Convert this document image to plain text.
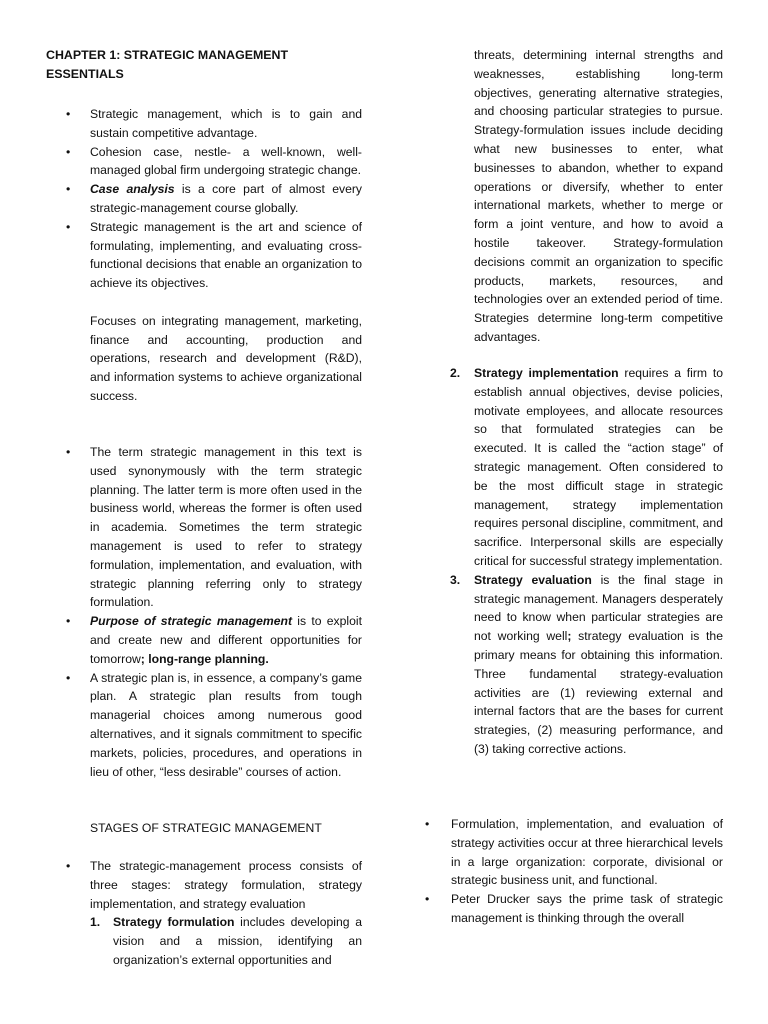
CHAPTER 1: STRATEGIC MANAGEMENT ESSENTIALS

• Strategic management, which is to gain and sustain competitive advantage.
• Cohesion case, nestle- a well-known, well-managed global firm undergoing strategic change.
• Case analysis is a core part of almost every strategic-management course globally.
• Strategic management is the art and science of formulating, implementing, and evaluating cross-functional decisions that enable an organization to achieve its objectives.

Focuses on integrating management, marketing, finance and accounting, production and operations, research and development (R&D), and information systems to achieve organizational success.

• The term strategic management in this text is used synonymously with the term strategic planning. The latter term is more often used in the business world, whereas the former is often used in academia. Sometimes the term strategic management is used to refer to strategy formulation, implementation, and evaluation, with strategic planning referring only to strategy formulation.
• Purpose of strategic management is to exploit and create new and different opportunities for tomorrow; long-range planning.
• A strategic plan is, in essence, a company’s game plan. A strategic plan results from tough managerial choices among numerous good alternatives, and it signals commitment to specific markets, policies, procedures, and operations in lieu of other, “less desirable” courses of action.

STAGES OF STRATEGIC MANAGEMENT

• The strategic-management process consists of three stages: strategy formulation, strategy implementation, and strategy evaluation
1. Strategy formulation includes developing a vision and a mission, identifying an organization’s external opportunities and

threats, determining internal strengths and weaknesses, establishing long-term objectives, generating alternative strategies, and choosing particular strategies to pursue. Strategy-formulation issues include deciding what new businesses to enter, what businesses to abandon, whether to expand operations or diversify, whether to enter international markets, whether to merge or form a joint venture, and how to avoid a hostile takeover. Strategy-formulation decisions commit an organization to specific products, markets, resources, and technologies over an extended period of time. Strategies determine long-term competitive advantages.

2. Strategy implementation requires a firm to establish annual objectives, devise policies, motivate employees, and allocate resources so that formulated strategies can be executed. It is called the “action stage” of strategic management. Often considered to be the most difficult stage in strategic management, strategy implementation requires personal discipline, commitment, and sacrifice. Interpersonal skills are especially critical for successful strategy implementation.
3. Strategy evaluation is the final stage in strategic management. Managers desperately need to know when particular strategies are not working well; strategy evaluation is the primary means for obtaining this information. Three fundamental strategy-evaluation activities are (1) reviewing external and internal factors that are the bases for current strategies, (2) measuring performance, and (3) taking corrective actions.
• Formulation, implementation, and evaluation of strategy activities occur at three hierarchical levels in a large organization: corporate, divisional or strategic business unit, and functional.
• Peter Drucker says the prime task of strategic management is thinking through the overall
